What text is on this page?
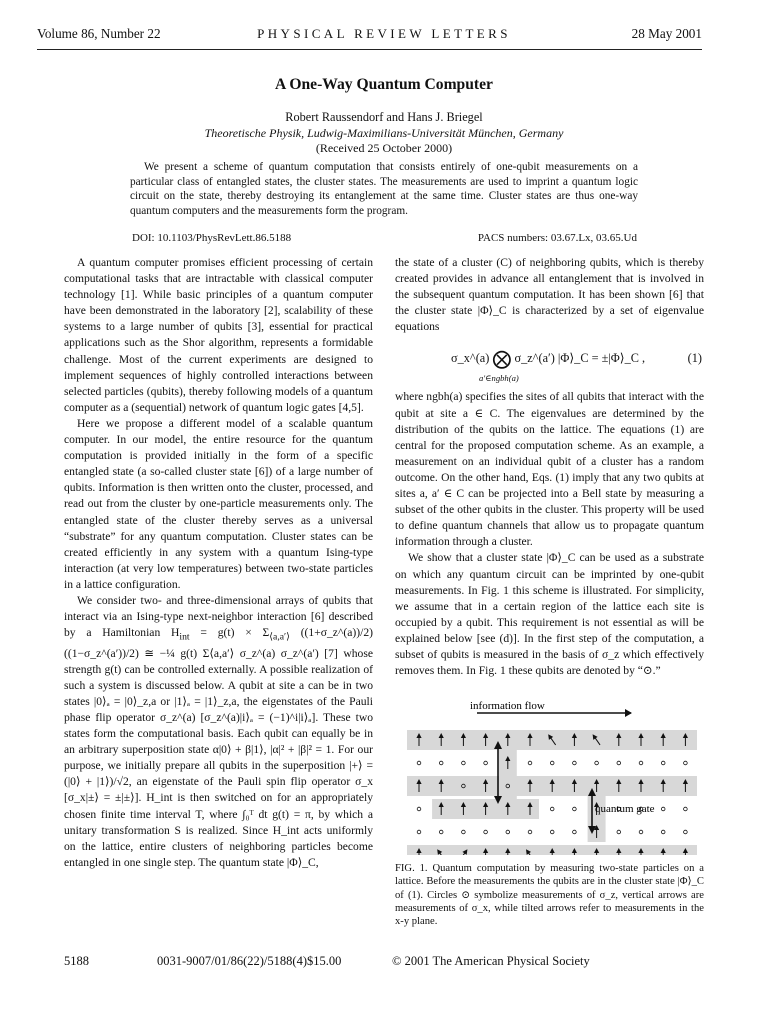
Volume 86, Number 22	PHYSICAL REVIEW LETTERS	28 May 2001
A One-Way Quantum Computer
Robert Raussendorf and Hans J. Briegel
Theoretische Physik, Ludwig-Maximilians-Universität München, Germany
(Received 25 October 2000)
We present a scheme of quantum computation that consists entirely of one-qubit measurements on a particular class of entangled states, the cluster states. The measurements are used to imprint a quantum logic circuit on the state, thereby destroying its entanglement at the same time. Cluster states are thus one-way quantum computers and the measurements form the program.
DOI: 10.1103/PhysRevLett.86.5188	PACS numbers: 03.67.Lx, 03.65.Ud

A quantum computer promises efficient processing of certain computational tasks that are intractable with classical computer technology [1]. While basic principles of a quantum computer have been demonstrated in the laboratory [2], scalability of these systems to a large number of qubits [3], essential for practical applications such as the Shor algorithm, represents a formidable challenge. Most of the current experiments are designed to implement sequences of highly controlled interactions between selected particles (qubits), thereby following models of a quantum computer as a (sequential) network of quantum logic gates [4,5].

Here we propose a different model of a scalable quantum computer. In our model, the entire resource for the quantum computation is provided initially in the form of a specific entangled state (a so-called cluster state [6]) of a large number of qubits. Information is then written onto the cluster, processed, and read out from the cluster by one-particle measurements only. The entangled state of the cluster thereby serves as a universal “substrate” for any quantum computation. Cluster states can be created efficiently in any system with a quantum Ising-type interaction (at very low temperatures) between two-state particles in a lattice configuration.

We consider two- and three-dimensional arrays of qubits that interact via an Ising-type next-neighbor interaction [6] described by a Hamiltonian $H_{int} = g(t) \times \Sigma_{⟨a,a'⟩}$ ((1+σ_z^(a))/2)((1−σ_z^(a′))/2) ≅ −¼ g(t) Σ⟨a,a′⟩ σ_z^(a) σ_z^(a′) [7] whose strength g(t) can be controlled externally. A possible realization of such a system is discussed below. A qubit at site a can be in two states |0⟩ₐ = |0⟩_z,a or |1⟩ₐ = |1⟩_z,a, the eigenstates of the Pauli phase flip operator σ_z^(a) [σ_z^(a)|i⟩ₐ = (−1)^i|i⟩ₐ]. These two states form the computational basis. Each qubit can equally be in an arbitrary superposition state α|0⟩ + β|1⟩, |α|² + |β|² = 1. For our purpose, we initially prepare all qubits in the superposition |+⟩ = (|0⟩ + |1⟩)/√2, an eigenstate of the Pauli spin flip operator σ_x [σ_x|±⟩ = ±|±⟩]. H_int is then switched on for an appropriately chosen finite time interval T, where ∫₀ᵀ dt g(t) = π, by which a unitary transformation S is realized. Since H_int acts uniformly on the lattice, entire clusters of neighboring particles become entangled in one single step. The quantum state |Φ⟩_C,

the state of a cluster (C) of neighboring qubits, which is thereby created provides in advance all entanglement that is involved in the subsequent quantum computation. It has been shown [6] that the cluster state |Φ⟩_C is characterized by a set of eigenvalue equations

σ_x^(a) ⨂ σ_z^(a′) |Φ⟩_C = ±|Φ⟩_C ,
a′∈ngbh(a)
(1)

where ngbh(a) specifies the sites of all qubits that interact with the qubit at site a ∈ C. The eigenvalues are determined by the distribution of the qubits on the lattice. The equations (1) are central for the proposed computation scheme. As an example, a measurement on an individual qubit of a cluster has a random outcome. On the other hand, Eqs. (1) imply that any two qubits at sites a, a′ ∈ C can be projected into a Bell state by measuring a subset of the other qubits in the cluster. This property will be used to define quantum channels that allow us to propagate quantum information through a cluster.

We show that a cluster state |Φ⟩_C can be used as a substrate on which any quantum circuit can be imprinted by one-qubit measurements. In Fig. 1 this scheme is illustrated. For simplicity, we assume that in a certain region of the lattice each site is occupied by a qubit. This requirement is not essential as will be explained below [see (d)]. In the first step of the computation, a subset of qubits is measured in the basis of σ_z which effectively removes them. In Fig. 1 these qubits are denoted by “⊙.”

information flow
quantum gate
FIG. 1. Quantum computation by measuring two-state particles on a lattice. Before the measurements the qubits are in the cluster state |Φ⟩_C of (1). Circles ⊙ symbolize measurements of σ_z, vertical arrows are measurements of σ_x, while tilted arrows refer to measurements in the x-y plane.
5188	0031-9007/01/86(22)/5188(4)$15.00	© 2001 The American Physical Society
